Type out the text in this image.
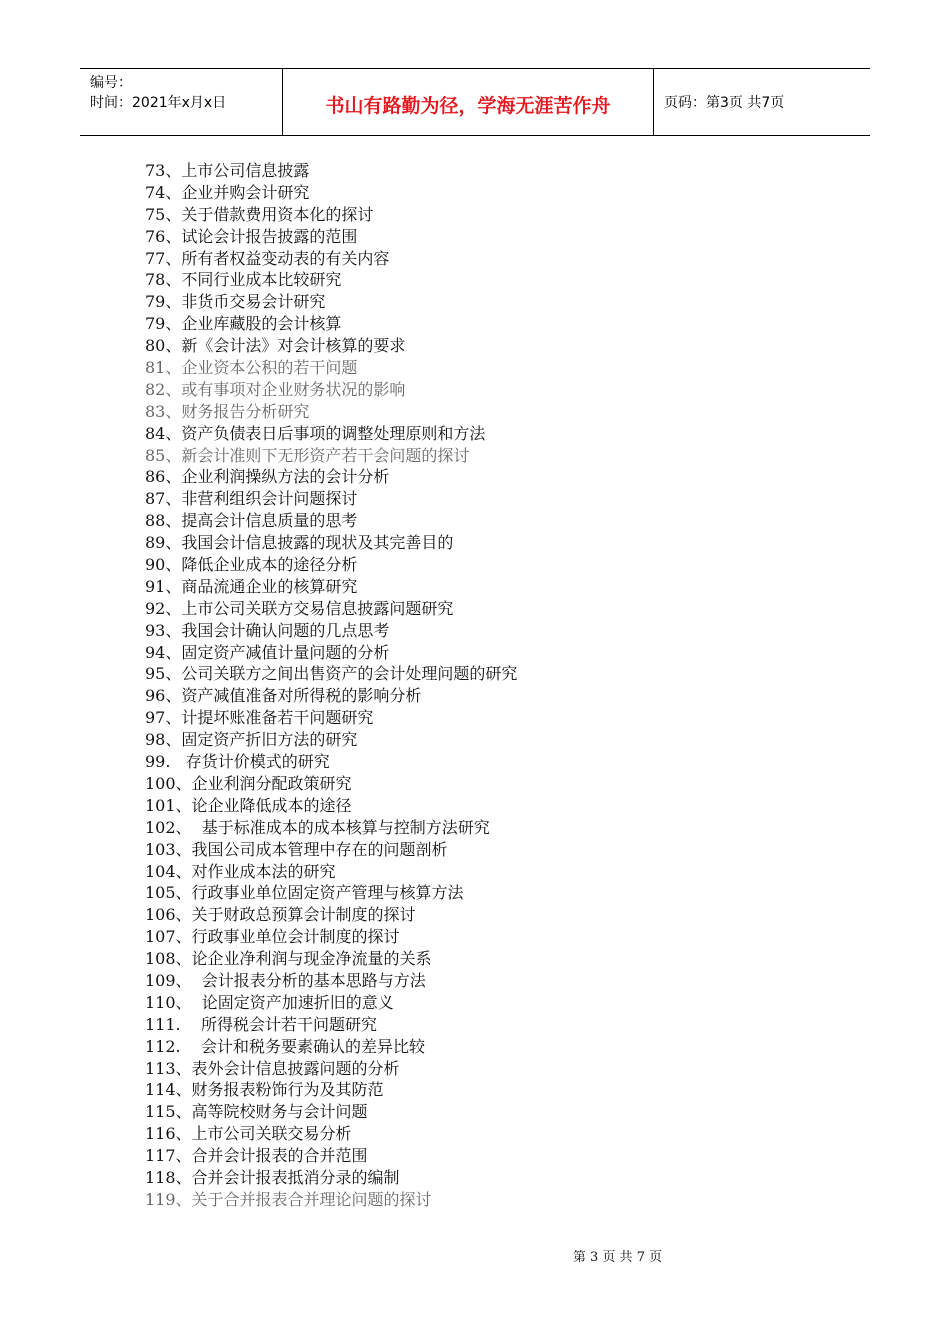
编号：
时间：2021年x月x日	书山有路勤为径，学海无涯苦作舟	页码：第3页 共7页
73、上市公司信息披露
74、企业并购会计研究
75、关于借款费用资本化的探讨
76、试论会计报告披露的范围
77、所有者权益变动表的有关内容
78、不同行业成本比较研究
79、非货币交易会计研究
79、企业库藏股的会计核算
80、新《会计法》对会计核算的要求
81、企业资本公积的若干问题
82、或有事项对企业财务状况的影响
83、财务报告分析研究
84、资产负债表日后事项的调整处理原则和方法
85、新会计准则下无形资产若干会问题的探讨
86、企业利润操纵方法的会计分析
87、非营利组织会计问题探讨
88、提高会计信息质量的思考
89、我国会计信息披露的现状及其完善目的
90、降低企业成本的途径分析
91、商品流通企业的核算研究
92、上市公司关联方交易信息披露问题研究
93、我国会计确认问题的几点思考
94、固定资产减值计量问题的分析
95、公司关联方之间出售资产的会计处理问题的研究
96、资产减值准备对所得税的影响分析
97、计提坏账准备若干问题研究
98、固定资产折旧方法的研究
99.   存货计价模式的研究
100、企业利润分配政策研究
101、论企业降低成本的途径
102、  基于标准成本的成本核算与控制方法研究
103、我国公司成本管理中存在的问题剖析
104、对作业成本法的研究
105、行政事业单位固定资产管理与核算方法
106、关于财政总预算会计制度的探讨
107、行政事业单位会计制度的探讨
108、论企业净利润与现金净流量的关系
109、  会计报表分析的基本思路与方法
110、  论固定资产加速折旧的意义
111.    所得税会计若干问题研究
112.    会计和税务要素确认的差异比较
113、表外会计信息披露问题的分析
114、财务报表粉饰行为及其防范
115、高等院校财务与会计问题
116、上市公司关联交易分析
117、合并会计报表的合并范围
118、合并会计报表抵消分录的编制
119、关于合并报表合并理论问题的探讨
第 3 页 共 7 页
